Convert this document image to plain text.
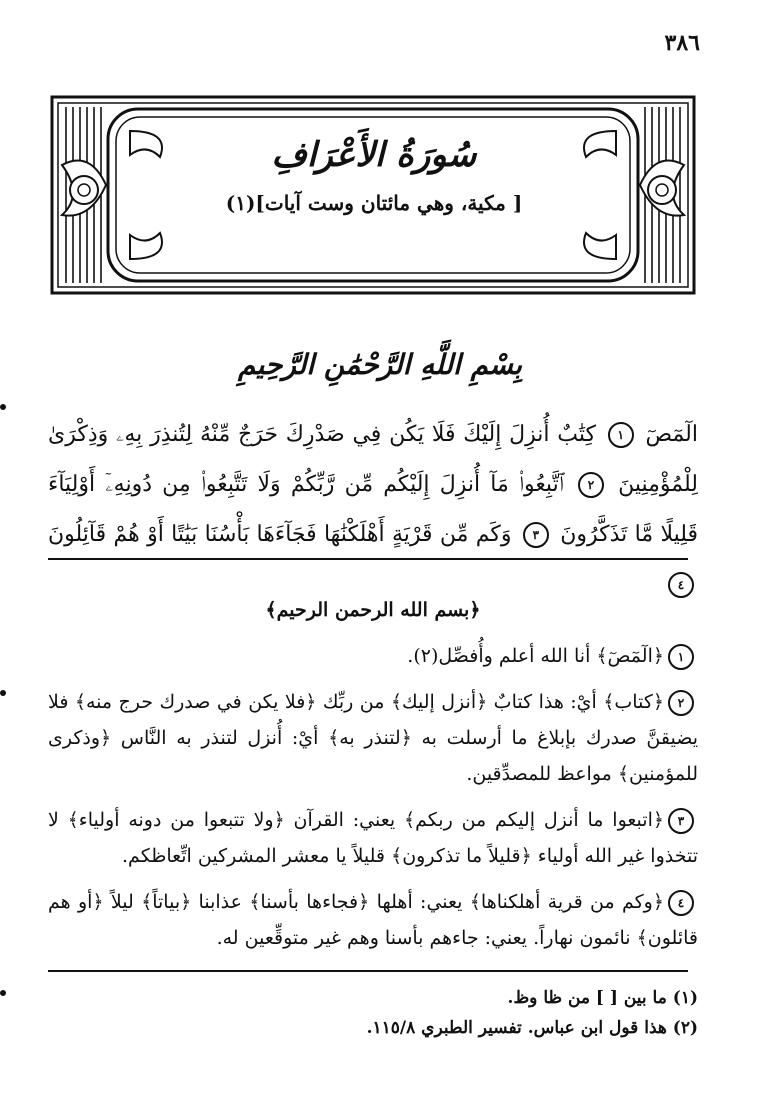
٣٨٦
سُورَةُ الأَعْرَافِ
[ مكية، وهي مائتان وست آيات](١)
بِسْمِ اللَّهِ الرَّحْمَٰنِ الرَّحِيمِ
الٓمٓصٓ ١ كِتَٰبٌ أُنزِلَ إِلَيْكَ فَلَا يَكُن فِي صَدْرِكَ حَرَجٌ مِّنْهُ لِتُنذِرَ بِهِۦ وَذِكْرَىٰ لِلْمُؤْمِنِينَ ٢ ٱتَّبِعُوا۟ مَآ أُنزِلَ إِلَيْكُم مِّن رَّبِّكُمْ وَلَا تَتَّبِعُوا۟ مِن دُونِهِۦٓ أَوْلِيَآءَ قَلِيلًا مَّا تَذَكَّرُونَ ٣ وَكَم مِّن قَرْيَةٍ أَهْلَكْنَٰهَا فَجَآءَهَا بَأْسُنَا بَيَٰتًا أَوْ هُمْ قَآئِلُونَ ٤

﴿بسم الله الرحمن الرحيم﴾

١﴿الٓمٓصٓ﴾ أنا الله أعلم وأُفصِّل(٢).

٢﴿كتاب﴾ أيْ: هذا كتابٌ ﴿أنزل إليك﴾ من ربِّك ﴿فلا يكن في صدرك حرج منه﴾ فلا يضيقنَّ صدرك بإبلاغ ما أرسلت به ﴿لتنذر به﴾ أيْ: أُنزل لتنذر به النَّاس ﴿وذكرى للمؤمنين﴾ مواعظ للمصدِّقين.

٣﴿اتبعوا ما أنزل إليكم من ربكم﴾ يعني: القرآن ﴿ولا تتبعوا من دونه أولياء﴾ لا تتخذوا غير الله أولياء ﴿قليلاً ما تذكرون﴾ قليلاً يا معشر المشركين اتِّعاظكم.

٤﴿وكم من قرية أهلكناها﴾ يعني: أهلها ﴿فجاءها بأسنا﴾ عذابنا ﴿بياتاً﴾ ليلاً ﴿أو هم قائلون﴾ نائمون نهاراً. يعني: جاءهم بأسنا وهم غير متوقِّعين له.

(١) ما بين [ ] من ظا وظ.
(٢) هذا قول ابن عباس. تفسير الطبري ١١٥/٨.
